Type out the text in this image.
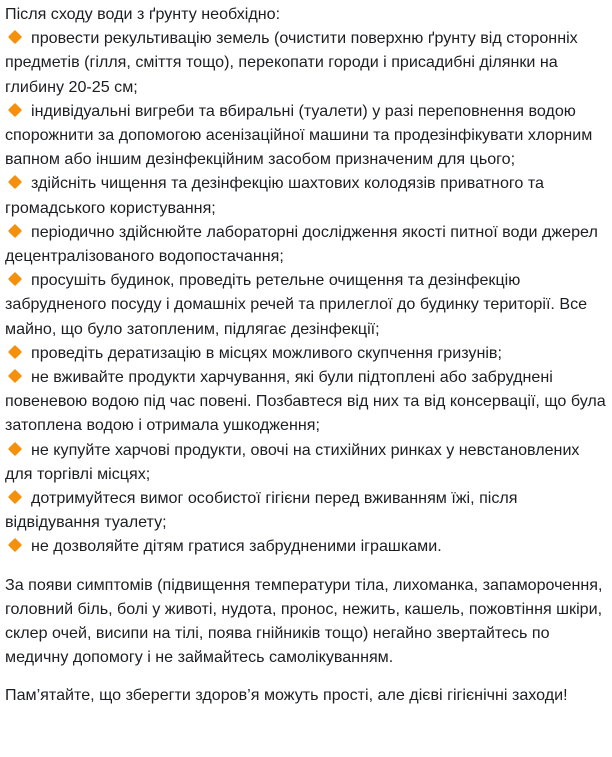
Після сходу води з ґрунту необхідно:

провести рекультивацію земель (очистити поверхню ґрунту від сторонніх предметів (гілля, сміття тощо), перекопати городи і присадибні ділянки на глибину 20-25 см;
індивідуальні вигреби та вбиральні (туалети) у разі переповнення водою спорожнити за допомогою асенізаційної машини та продезінфікувати хлорним вапном або іншим дезінфекційним засобом призначеним для цього;
здійсніть чищення та дезінфекцію шахтових колодязів приватного та громадського користування;
періодично здійснюйте лабораторні дослідження якості питної води джерел децентралізованого водопостачання;
просушіть будинок, проведіть ретельне очищення та дезінфекцію забрудненого посуду і домашніх речей та прилеглої до будинку території. Все майно, що було затопленим, підлягає дезінфекції;
проведіть дератизацію в місцях можливого скупчення гризунів;
не вживайте продукти харчування, які були підтоплені або забруднені повеневою водою під час повені. Позбавтеся від них та від консервації, що була затоплена водою і отримала ушкодження;
не купуйте харчові продукти, овочі на стихійних ринках у невстановлених для торгівлі місцях;
дотримуйтеся вимог особистої гігієни перед вживанням їжі, після відвідування туалету;
не дозволяйте дітям гратися забрудненими іграшками.

За появи симптомів (підвищення температури тіла, лихоманка, запаморочення, головний біль, болі у животі, нудота, пронос, нежить, кашель, пожовтіння шкіри, склер очей, висипи на тілі, поява гнійників тощо) негайно звертайтесь по медичну допомогу і не займайтесь самолікуванням.

Пам’ятайте, що зберегти здоров’я можуть прості, але дієві гігієнічні заходи!
